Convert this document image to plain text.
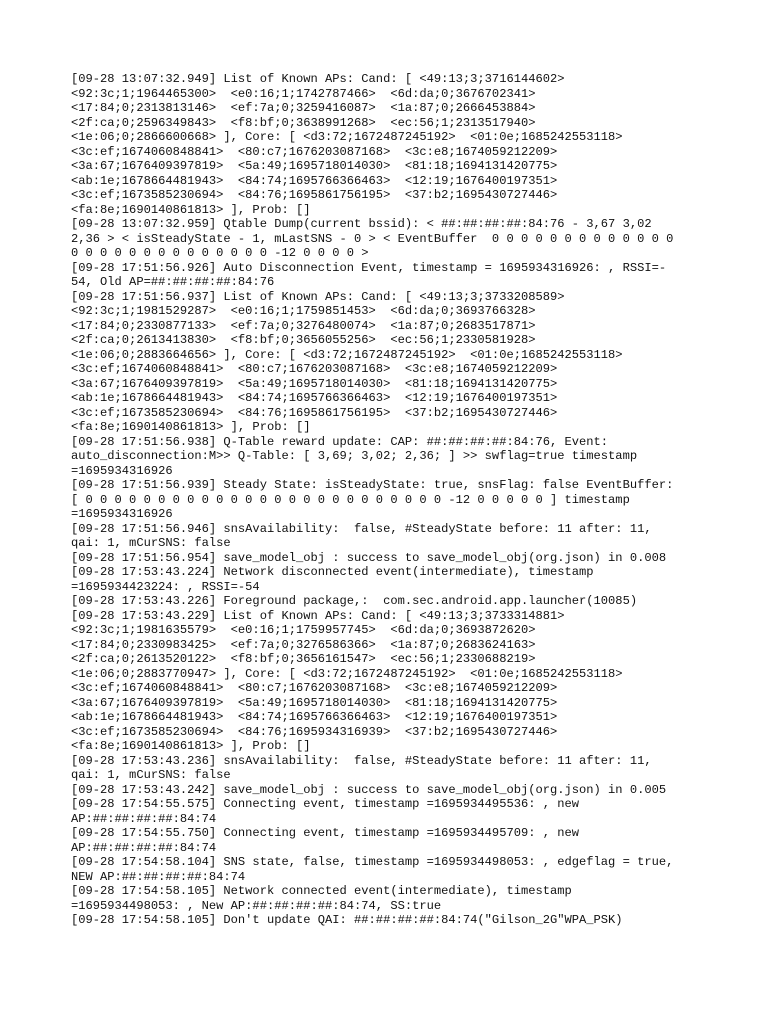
[09-28 13:07:32.949] List of Known APs: Cand: [ <49:13;3;3716144602>
<92:3c;1;1964465300>  <e0:16;1;1742787466>  <6d:da;0;3676702341>
<17:84;0;2313813146>  <ef:7a;0;3259416087>  <1a:87;0;2666453884>
<2f:ca;0;2596349843>  <f8:bf;0;3638991268>  <ec:56;1;2313517940>
<1e:06;0;2866600668> ], Core: [ <d3:72;1672487245192>  <01:0e;1685242553118>
<3c:ef;1674060848841>  <80:c7;1676203087168>  <3c:e8;1674059212209>
<3a:67;1676409397819>  <5a:49;1695718014030>  <81:18;1694131420775>
<ab:1e;1678664481943>  <84:74;1695766366463>  <12:19;1676400197351>
<3c:ef;1673585230694>  <84:76;1695861756195>  <37:b2;1695430727446>
<fa:8e;1690140861813> ], Prob: []
[09-28 13:07:32.959] Qtable Dump(current bssid): < ##:##:##:##:84:76 - 3,67 3,02
2,36 > < isSteadyState - 1, mLastSNS - 0 > < EventBuffer  0 0 0 0 0 0 0 0 0 0 0 0 0
0 0 0 0 0 0 0 0 0 0 0 0 0 0 -12 0 0 0 0 >
[09-28 17:51:56.926] Auto Disconnection Event, timestamp = 1695934316926: , RSSI=-
54, Old AP=##:##:##:##:84:76
[09-28 17:51:56.937] List of Known APs: Cand: [ <49:13;3;3733208589>
<92:3c;1;1981529287>  <e0:16;1;1759851453>  <6d:da;0;3693766328>
<17:84;0;2330877133>  <ef:7a;0;3276480074>  <1a:87;0;2683517871>
<2f:ca;0;2613413830>  <f8:bf;0;3656055256>  <ec:56;1;2330581928>
<1e:06;0;2883664656> ], Core: [ <d3:72;1672487245192>  <01:0e;1685242553118>
<3c:ef;1674060848841>  <80:c7;1676203087168>  <3c:e8;1674059212209>
<3a:67;1676409397819>  <5a:49;1695718014030>  <81:18;1694131420775>
<ab:1e;1678664481943>  <84:74;1695766366463>  <12:19;1676400197351>
<3c:ef;1673585230694>  <84:76;1695861756195>  <37:b2;1695430727446>
<fa:8e;1690140861813> ], Prob: []
[09-28 17:51:56.938] Q-Table reward update: CAP: ##:##:##:##:84:76, Event:
auto_disconnection:M>> Q-Table: [ 3,69; 3,02; 2,36; ] >> swflag=true timestamp
=1695934316926
[09-28 17:51:56.939] Steady State: isSteadyState: true, snsFlag: false EventBuffer:
[ 0 0 0 0 0 0 0 0 0 0 0 0 0 0 0 0 0 0 0 0 0 0 0 0 0 -12 0 0 0 0 0 ] timestamp
=1695934316926
[09-28 17:51:56.946] snsAvailability:  false, #SteadyState before: 11 after: 11,
qai: 1, mCurSNS: false
[09-28 17:51:56.954] save_model_obj : success to save_model_obj(org.json) in 0.008
[09-28 17:53:43.224] Network disconnected event(intermediate), timestamp
=1695934423224: , RSSI=-54
[09-28 17:53:43.226] Foreground package,:  com.sec.android.app.launcher(10085)
[09-28 17:53:43.229] List of Known APs: Cand: [ <49:13;3;3733314881>
<92:3c;1;1981635579>  <e0:16;1;1759957745>  <6d:da;0;3693872620>
<17:84;0;2330983425>  <ef:7a;0;3276586366>  <1a:87;0;2683624163>
<2f:ca;0;2613520122>  <f8:bf;0;3656161547>  <ec:56;1;2330688219>
<1e:06;0;2883770947> ], Core: [ <d3:72;1672487245192>  <01:0e;1685242553118>
<3c:ef;1674060848841>  <80:c7;1676203087168>  <3c:e8;1674059212209>
<3a:67;1676409397819>  <5a:49;1695718014030>  <81:18;1694131420775>
<ab:1e;1678664481943>  <84:74;1695766366463>  <12:19;1676400197351>
<3c:ef;1673585230694>  <84:76;1695934316939>  <37:b2;1695430727446>
<fa:8e;1690140861813> ], Prob: []
[09-28 17:53:43.236] snsAvailability:  false, #SteadyState before: 11 after: 11,
qai: 1, mCurSNS: false
[09-28 17:53:43.242] save_model_obj : success to save_model_obj(org.json) in 0.005
[09-28 17:54:55.575] Connecting event, timestamp =1695934495536: , new
AP:##:##:##:##:84:74
[09-28 17:54:55.750] Connecting event, timestamp =1695934495709: , new
AP:##:##:##:##:84:74
[09-28 17:54:58.104] SNS state, false, timestamp =1695934498053: , edgeflag = true,
NEW AP:##:##:##:##:84:74
[09-28 17:54:58.105] Network connected event(intermediate), timestamp
=1695934498053: , New AP:##:##:##:##:84:74, SS:true
[09-28 17:54:58.105] Don't update QAI: ##:##:##:##:84:74("Gilson_2G"WPA_PSK)
